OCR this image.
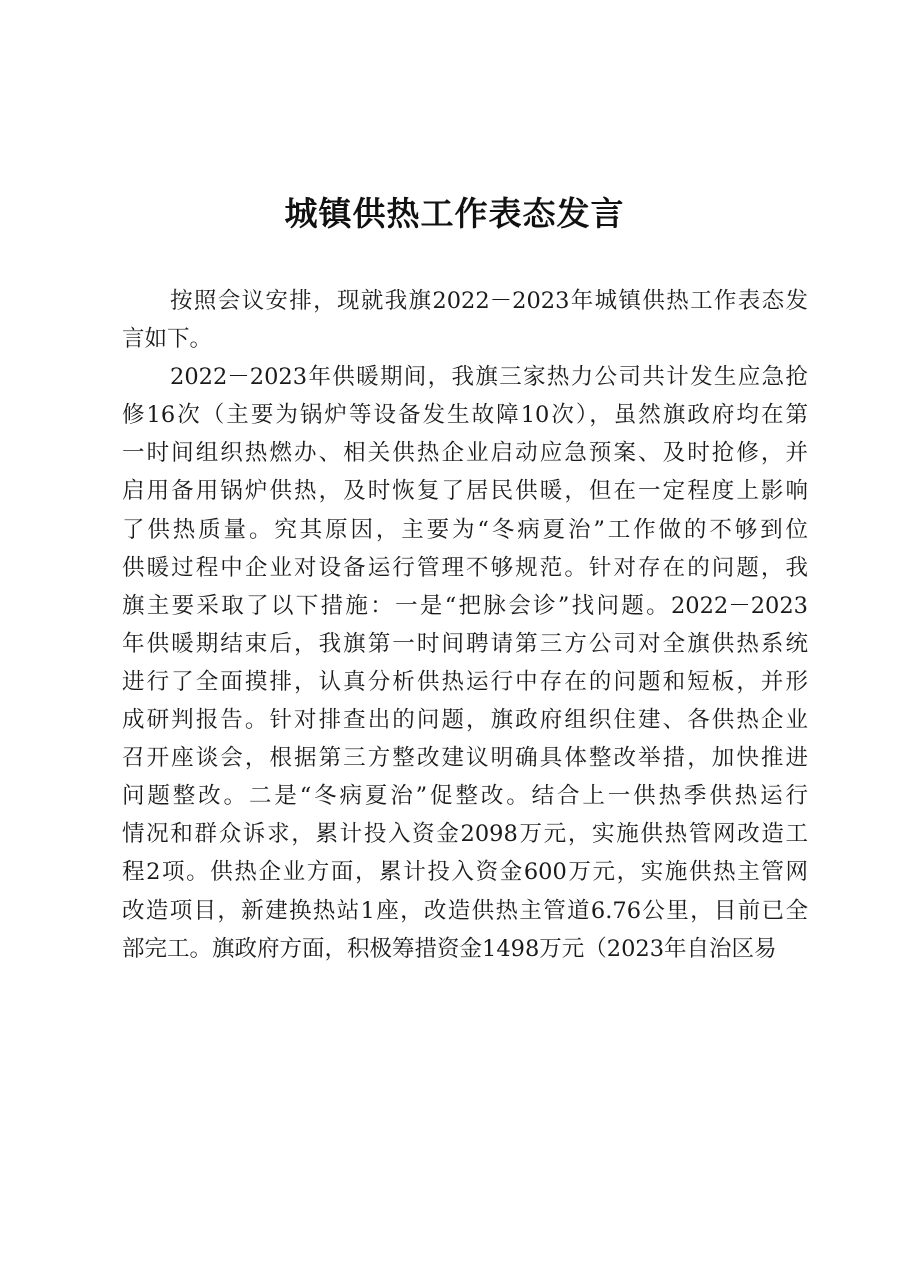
城镇供热工作表态发言
按照会议安排，现就我旗2022－2023年城镇供热工作表态发
言如下。
2022－2023年供暖期间，我旗三家热力公司共计发生应急抢
修16次（主要为锅炉等设备发生故障10次），虽然旗政府均在第
一时间组织热燃办、相关供热企业启动应急预案、及时抢修，并
启用备用锅炉供热，及时恢复了居民供暖，但在一定程度上影响
了供热质量。究其原因，主要为“冬病夏治”工作做的不够到位
供暖过程中企业对设备运行管理不够规范。针对存在的问题，我
旗主要采取了以下措施：一是“把脉会诊”找问题。2022－2023
年供暖期结束后，我旗第一时间聘请第三方公司对全旗供热系统
进行了全面摸排，认真分析供热运行中存在的问题和短板，并形
成研判报告。针对排查出的问题，旗政府组织住建、各供热企业
召开座谈会，根据第三方整改建议明确具体整改举措，加快推进
问题整改。二是“冬病夏治”促整改。结合上一供热季供热运行
情况和群众诉求，累计投入资金2098万元，实施供热管网改造工
程2项。供热企业方面，累计投入资金600万元，实施供热主管网
改造项目，新建换热站1座，改造供热主管道6.76公里，目前已全
部完工。旗政府方面，积极筹措资金1498万元（2023年自治区易
